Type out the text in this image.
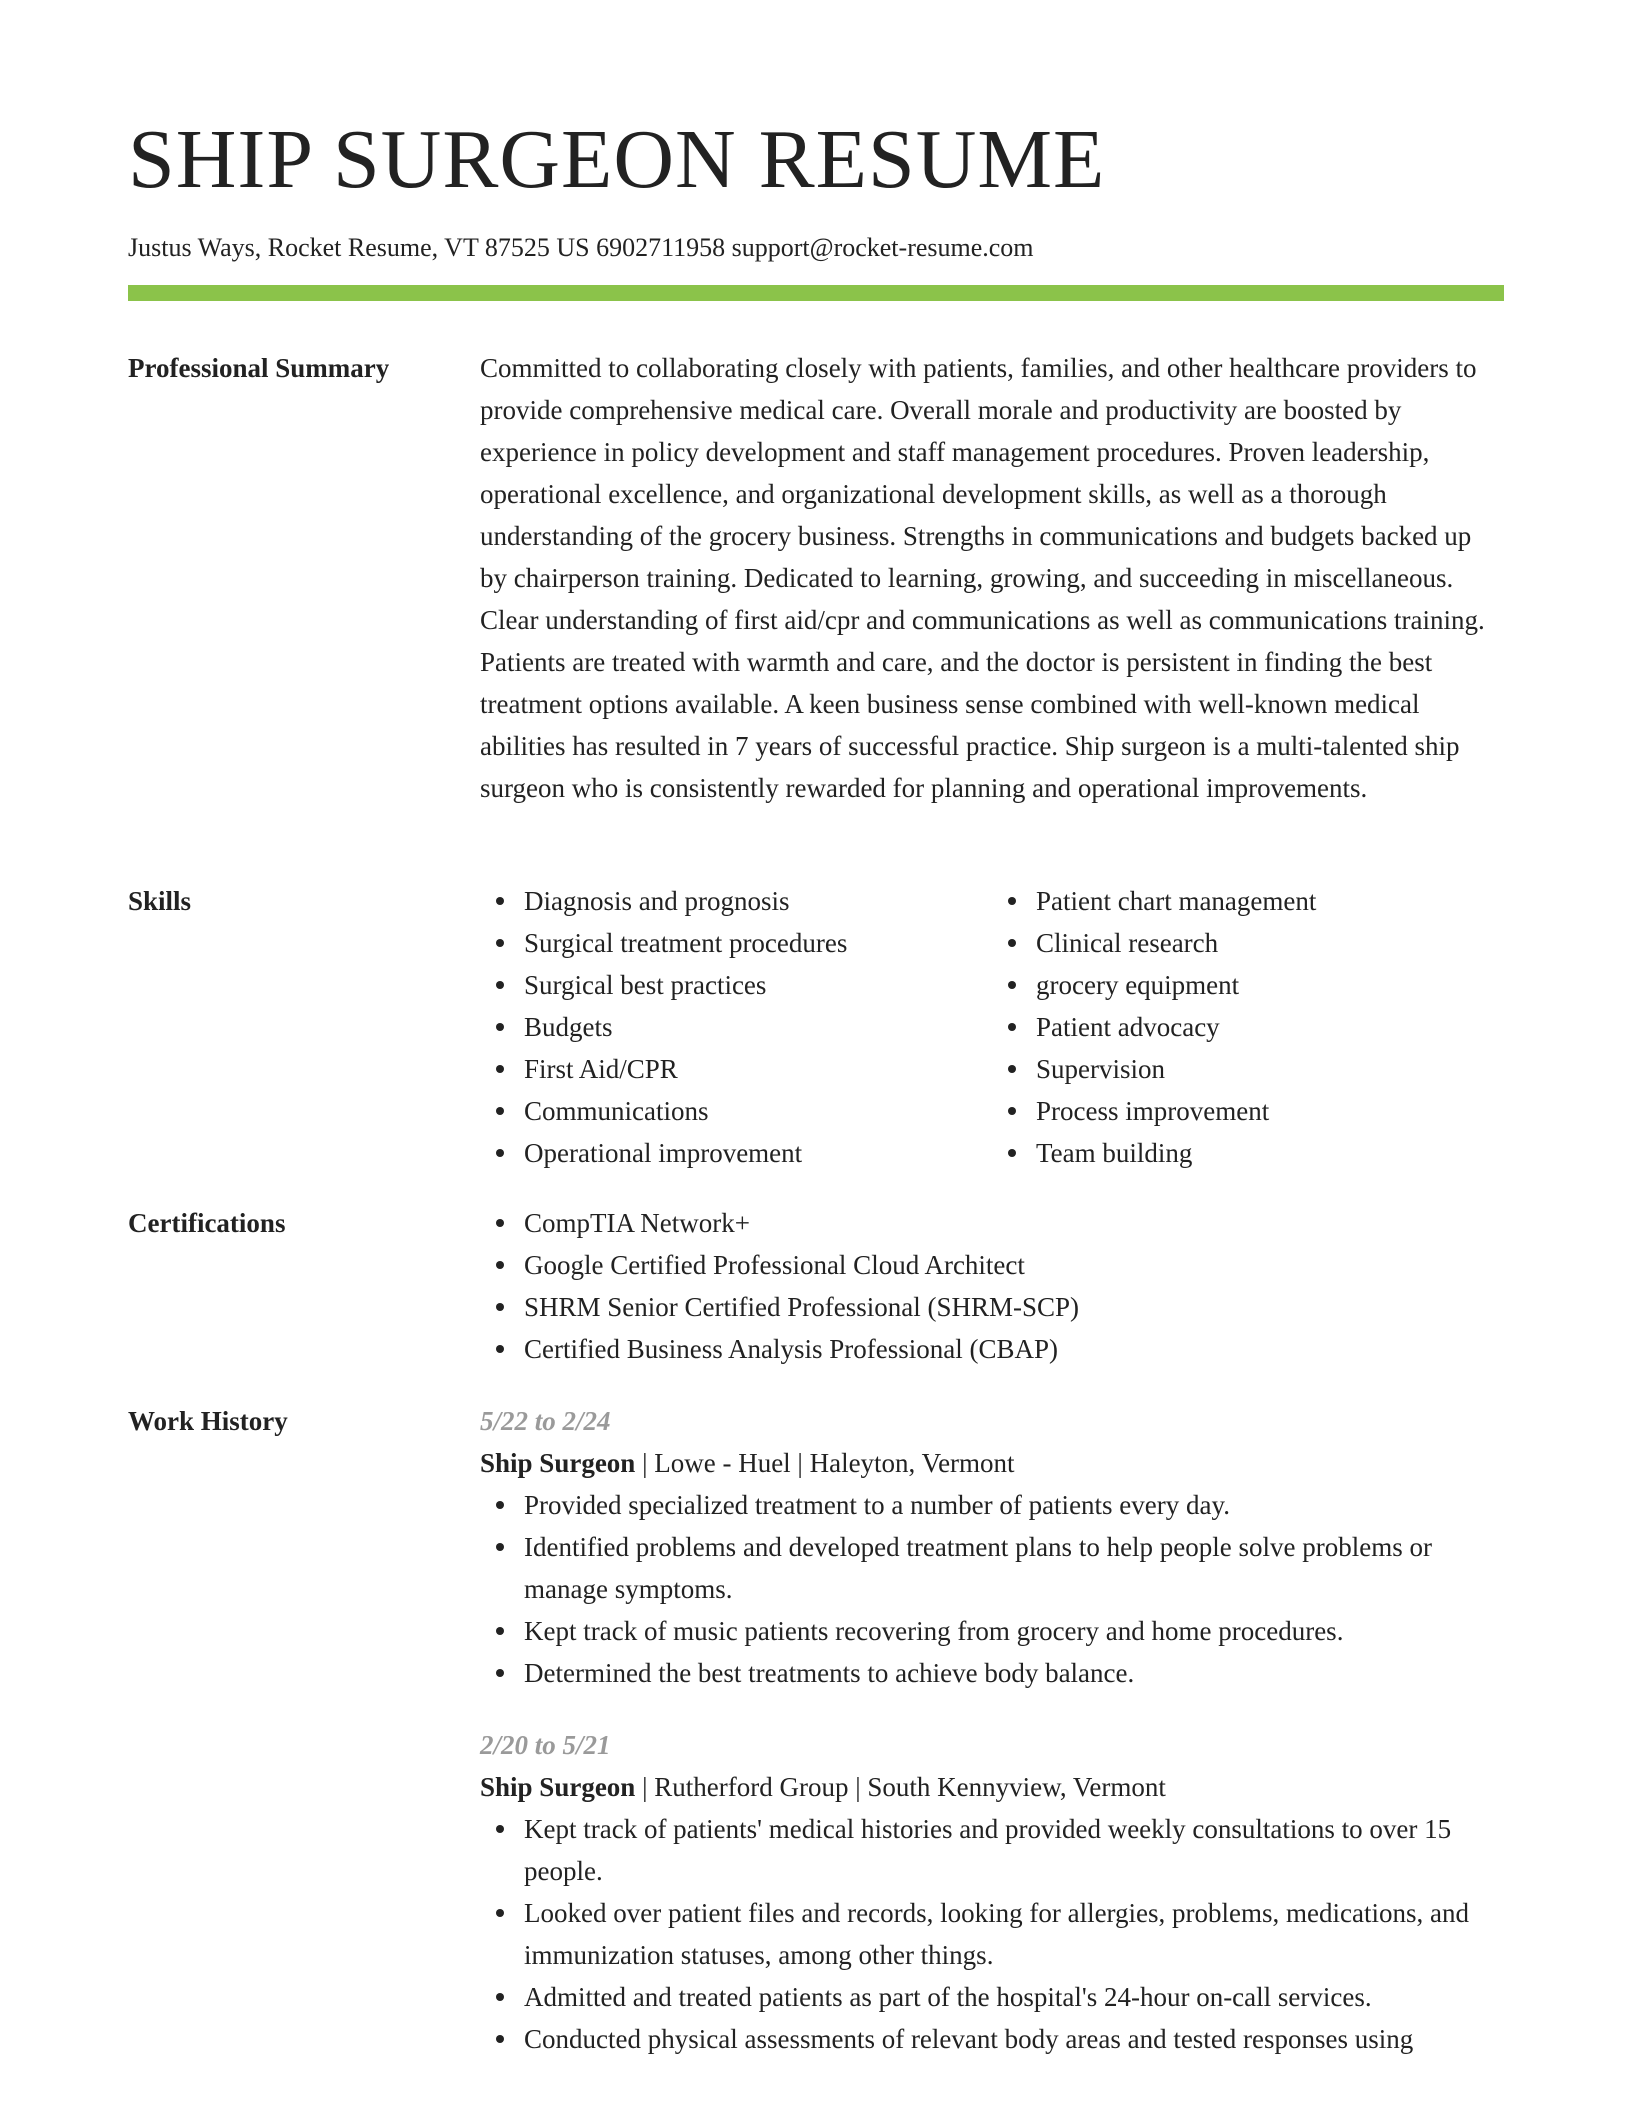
SHIP SURGEON RESUME
Justus Ways, Rocket Resume, VT 87525 US 6902711958 support@rocket-resume.com
Professional Summary	Committed to collaborating closely with patients, families, and other healthcare providers to provide comprehensive medical care. Overall morale and productivity are boosted by experience in policy development and staff management procedures. Proven leadership, operational excellence, and organizational development skills, as well as a thorough understanding of the grocery business. Strengths in communications and budgets backed up by chairperson training. Dedicated to learning, growing, and succeeding in miscellaneous. Clear understanding of first aid/cpr and communications as well as communications training. Patients are treated with warmth and care, and the doctor is persistent in finding the best treatment options available. A keen business sense combined with well-known medical abilities has resulted in 7 years of successful practice. Ship surgeon is a multi-talented ship surgeon who is consistently rewarded for planning and operational improvements.

Skills	Diagnosis and prognosis
Surgical treatment procedures
Surgical best practices
Budgets
First Aid/CPR
Communications
Operational improvement
Patient chart management
Clinical research
grocery equipment
Patient advocacy
Supervision
Process improvement
Team building
Certifications	CompTIA Network+
Google Certified Professional Cloud Architect
SHRM Senior Certified Professional (SHRM-SCP)
Certified Business Analysis Professional (CBAP)
Work History	5/22 to 2/24
Ship Surgeon | Lowe - Huel | Haleyton, Vermont
Provided specialized treatment to a number of patients every day.
Identified problems and developed treatment plans to help people solve problems or manage symptoms.
Kept track of music patients recovering from grocery and home procedures.
Determined the best treatments to achieve body balance.
2/20 to 5/21
Ship Surgeon | Rutherford Group | South Kennyview, Vermont
Kept track of patients' medical histories and provided weekly consultations to over 15 people.
Looked over patient files and records, looking for allergies, problems, medications, and immunization statuses, among other things.
Admitted and treated patients as part of the hospital's 24-hour on-call services.
Conducted physical assessments of relevant body areas and tested responses using
